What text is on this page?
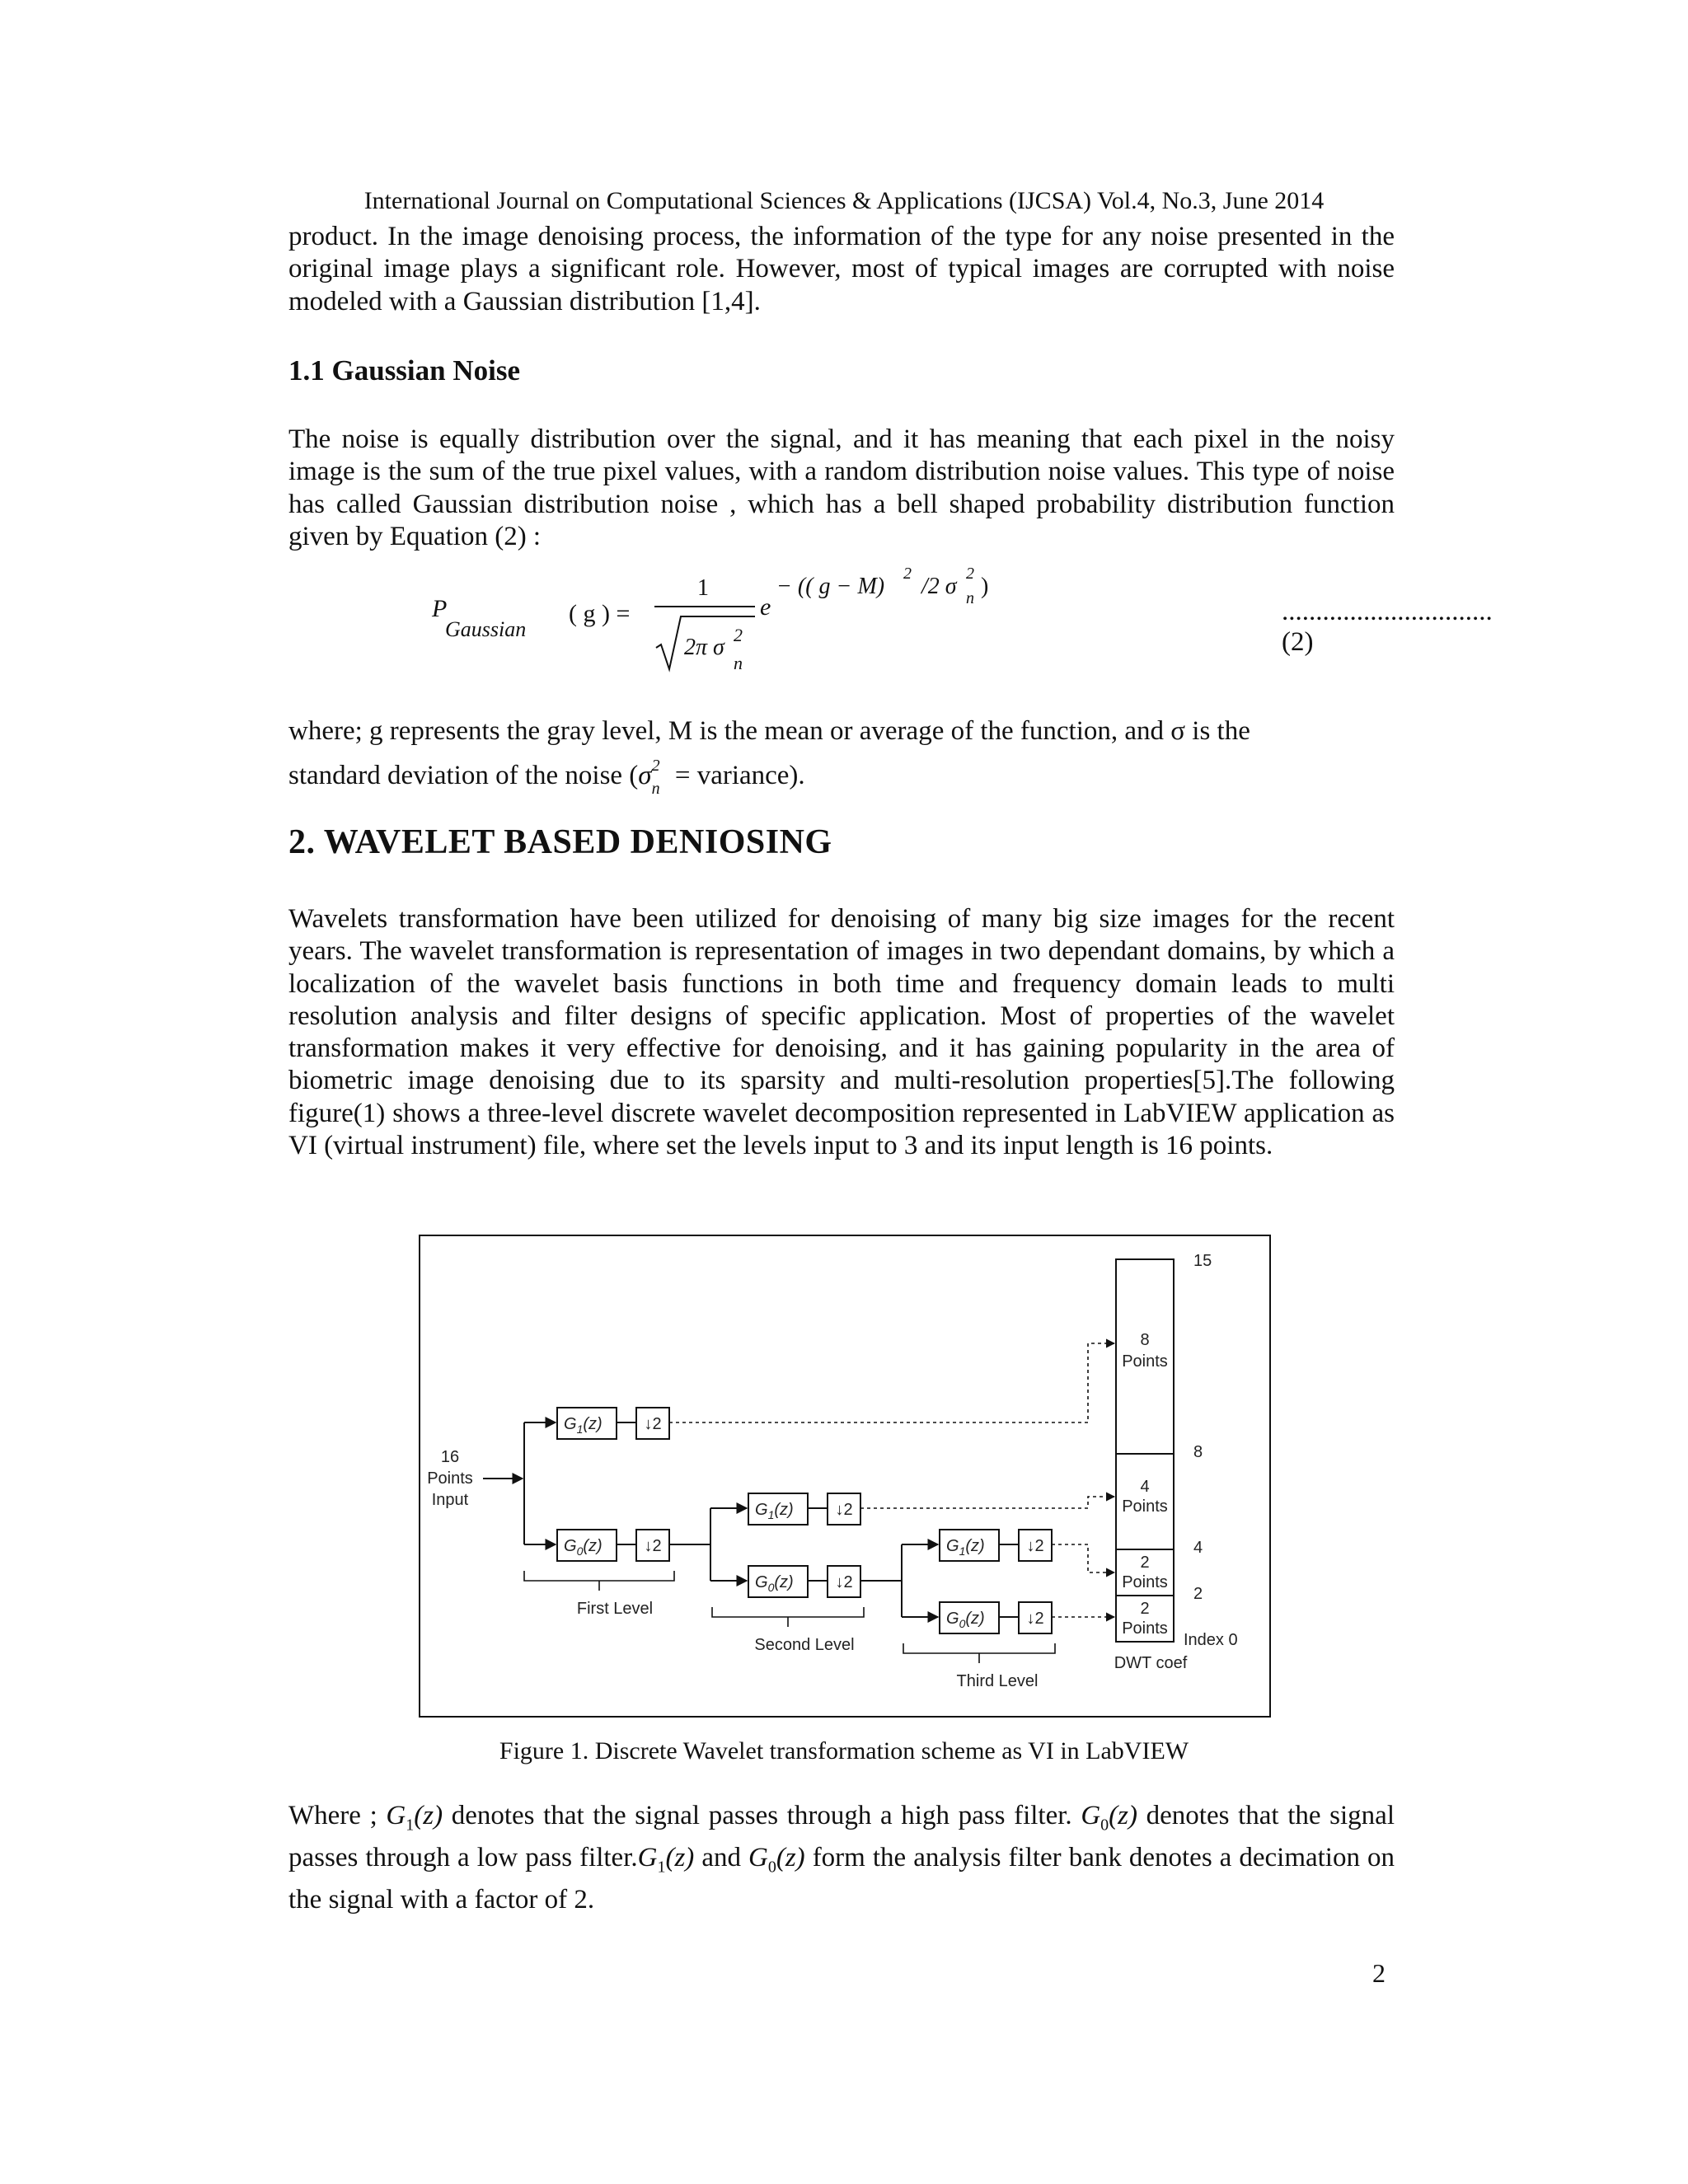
International Journal on Computational Sciences & Applications (IJCSA) Vol.4, No.3, June 2014

product. In the image denoising process, the information of the type for any noise presented in the original image plays a significant role. However, most of typical images are corrupted with noise modeled with a Gaussian distribution [1,4].

1.1 Gaussian Noise

The noise is equally distribution over the signal, and it has meaning that each pixel in the noisy image is the sum of the true pixel values, with a random distribution noise values. This type of noise has called Gaussian distribution noise , which has a bell shaped probability distribution function given by Equation (2) :

P
Gaussian
( g ) =
1
2π σ 2
n
e
− (( g − M) 2 /2 σ 2
n )
...............................(2)
where; g represents the gray level, M is the mean or average of the function, and σ is the
standard deviation of the noise ($\sigma^2_n$ = variance).
2. WAVELET BASED DENIOSING

Wavelets transformation have been utilized for denoising of many big size images for the recent years. The wavelet transformation is representation of images in two dependant domains, by which a localization of the wavelet basis functions in both time and frequency domain leads to multi resolution analysis and filter designs of specific application. Most of properties of the wavelet transformation makes it very effective for denoising, and it has gaining popularity in the area of biometric image denoising due to its sparsity and multi-resolution properties[5].The following figure(1) shows a three-level discrete wavelet decomposition represented in LabVIEW application as VI (virtual instrument) file, where set the levels input to 3 and its input length is 16 points.

16
Points
Input
$G_1(z)$	↓2
$G_0(z)$	↓2
First Level
$G_1(z)$	↓2
$G_0(z)$	↓2
Second Level
$G_1(z)$	↓2
$G_0(z)$	↓2
Third Level
8
Points
4
Points
2
Points
2
Points
15
8
4
2
Index 0
DWT coef
Figure 1. Discrete Wavelet transformation scheme as VI in LabVIEW

Where ; $G_1(z)$ denotes that the signal passes through a high pass filter. $G_0(z)$ denotes that the signal passes through a low pass $filter.G_1(z)$ and $G_0(z)$ form the analysis filter bank denotes a decimation on the signal with a factor of 2.

2
